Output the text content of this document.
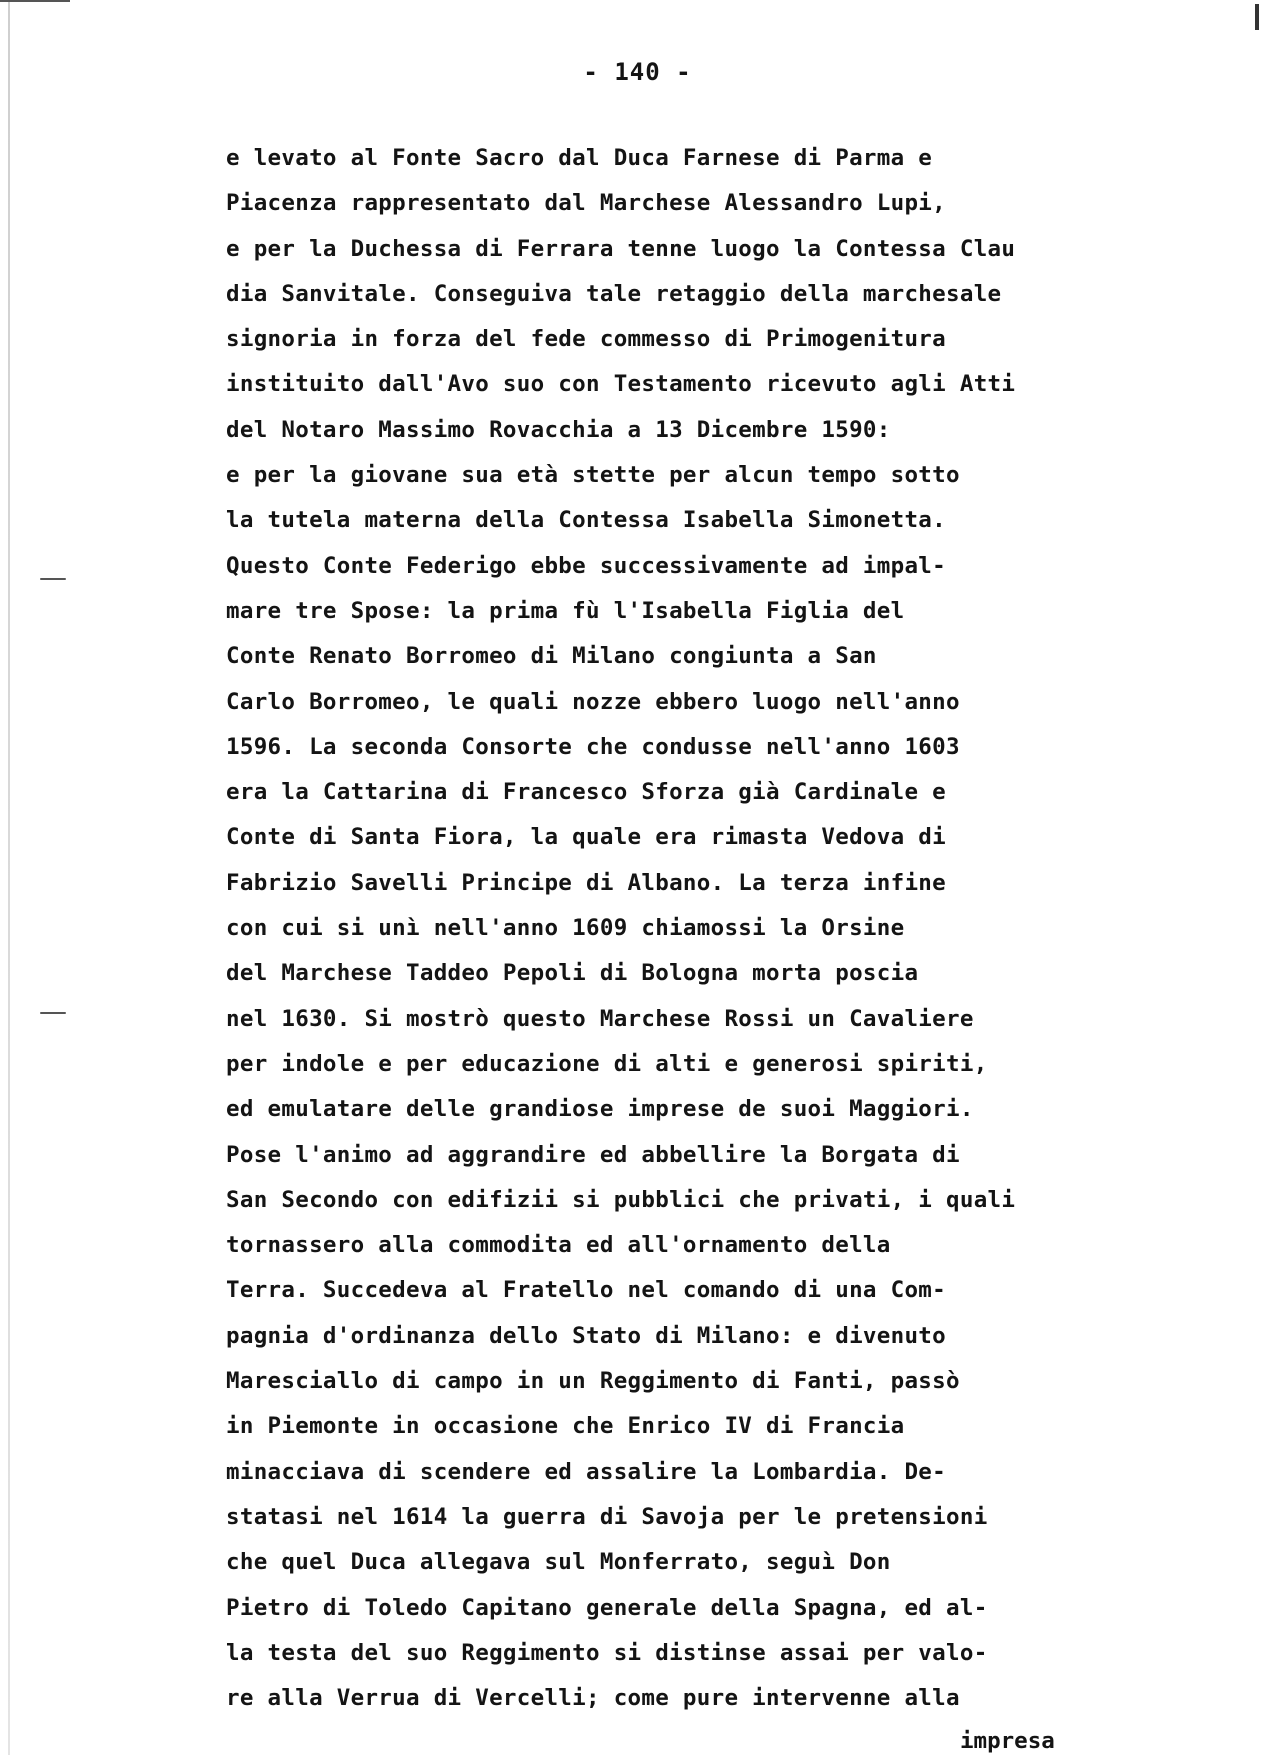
- 140 -
e levato al Fonte Sacro dal Duca Farnese di Parma e
Piacenza rappresentato dal Marchese Alessandro Lupi,
e per la Duchessa di Ferrara tenne luogo la Contessa Clau
dia Sanvitale. Conseguiva tale retaggio della marchesale
signoria in forza del fede commesso di Primogenitura
instituito dall'Avo suo con Testamento ricevuto agli Atti
del Notaro Massimo Rovacchia a 13 Dicembre 1590:
e per la giovane sua età stette per alcun tempo sotto
la tutela materna della Contessa Isabella Simonetta.
Questo Conte Federigo ebbe successivamente ad impal-
mare tre Spose: la prima fù l'Isabella Figlia del
Conte Renato Borromeo di Milano congiunta a San
Carlo Borromeo, le quali nozze ebbero luogo nell'anno
1596. La seconda Consorte che condusse nell'anno 1603
era la Cattarina di Francesco Sforza già Cardinale e
Conte di Santa Fiora, la quale era rimasta Vedova di
Fabrizio Savelli Principe di Albano. La terza infine
con cui si unì nell'anno 1609 chiamossi la Orsine
del Marchese Taddeo Pepoli di Bologna morta poscia
nel 1630. Si mostrò questo Marchese Rossi un Cavaliere
per indole e per educazione di alti e generosi spiriti,
ed emulatare delle grandiose imprese de suoi Maggiori.
Pose l'animo ad aggrandire ed abbellire la Borgata di
San Secondo con edifizii si pubblici che privati, i quali
tornassero alla commodita ed all'ornamento della
Terra. Succedeva al Fratello nel comando di una Com-
pagnia d'ordinanza dello Stato di Milano: e divenuto
Maresciallo di campo in un Reggimento di Fanti, passò
in Piemonte in occasione che Enrico IV di Francia
minacciava di scendere ed assalire la Lombardia. De-
statasi nel 1614 la guerra di Savoja per le pretensioni
che quel Duca allegava sul Monferrato, seguì Don
Pietro di Toledo Capitano generale della Spagna, ed al-
la testa del suo Reggimento si distinse assai per valo-
re alla Verrua di Vercelli; come pure intervenne alla
impresa
